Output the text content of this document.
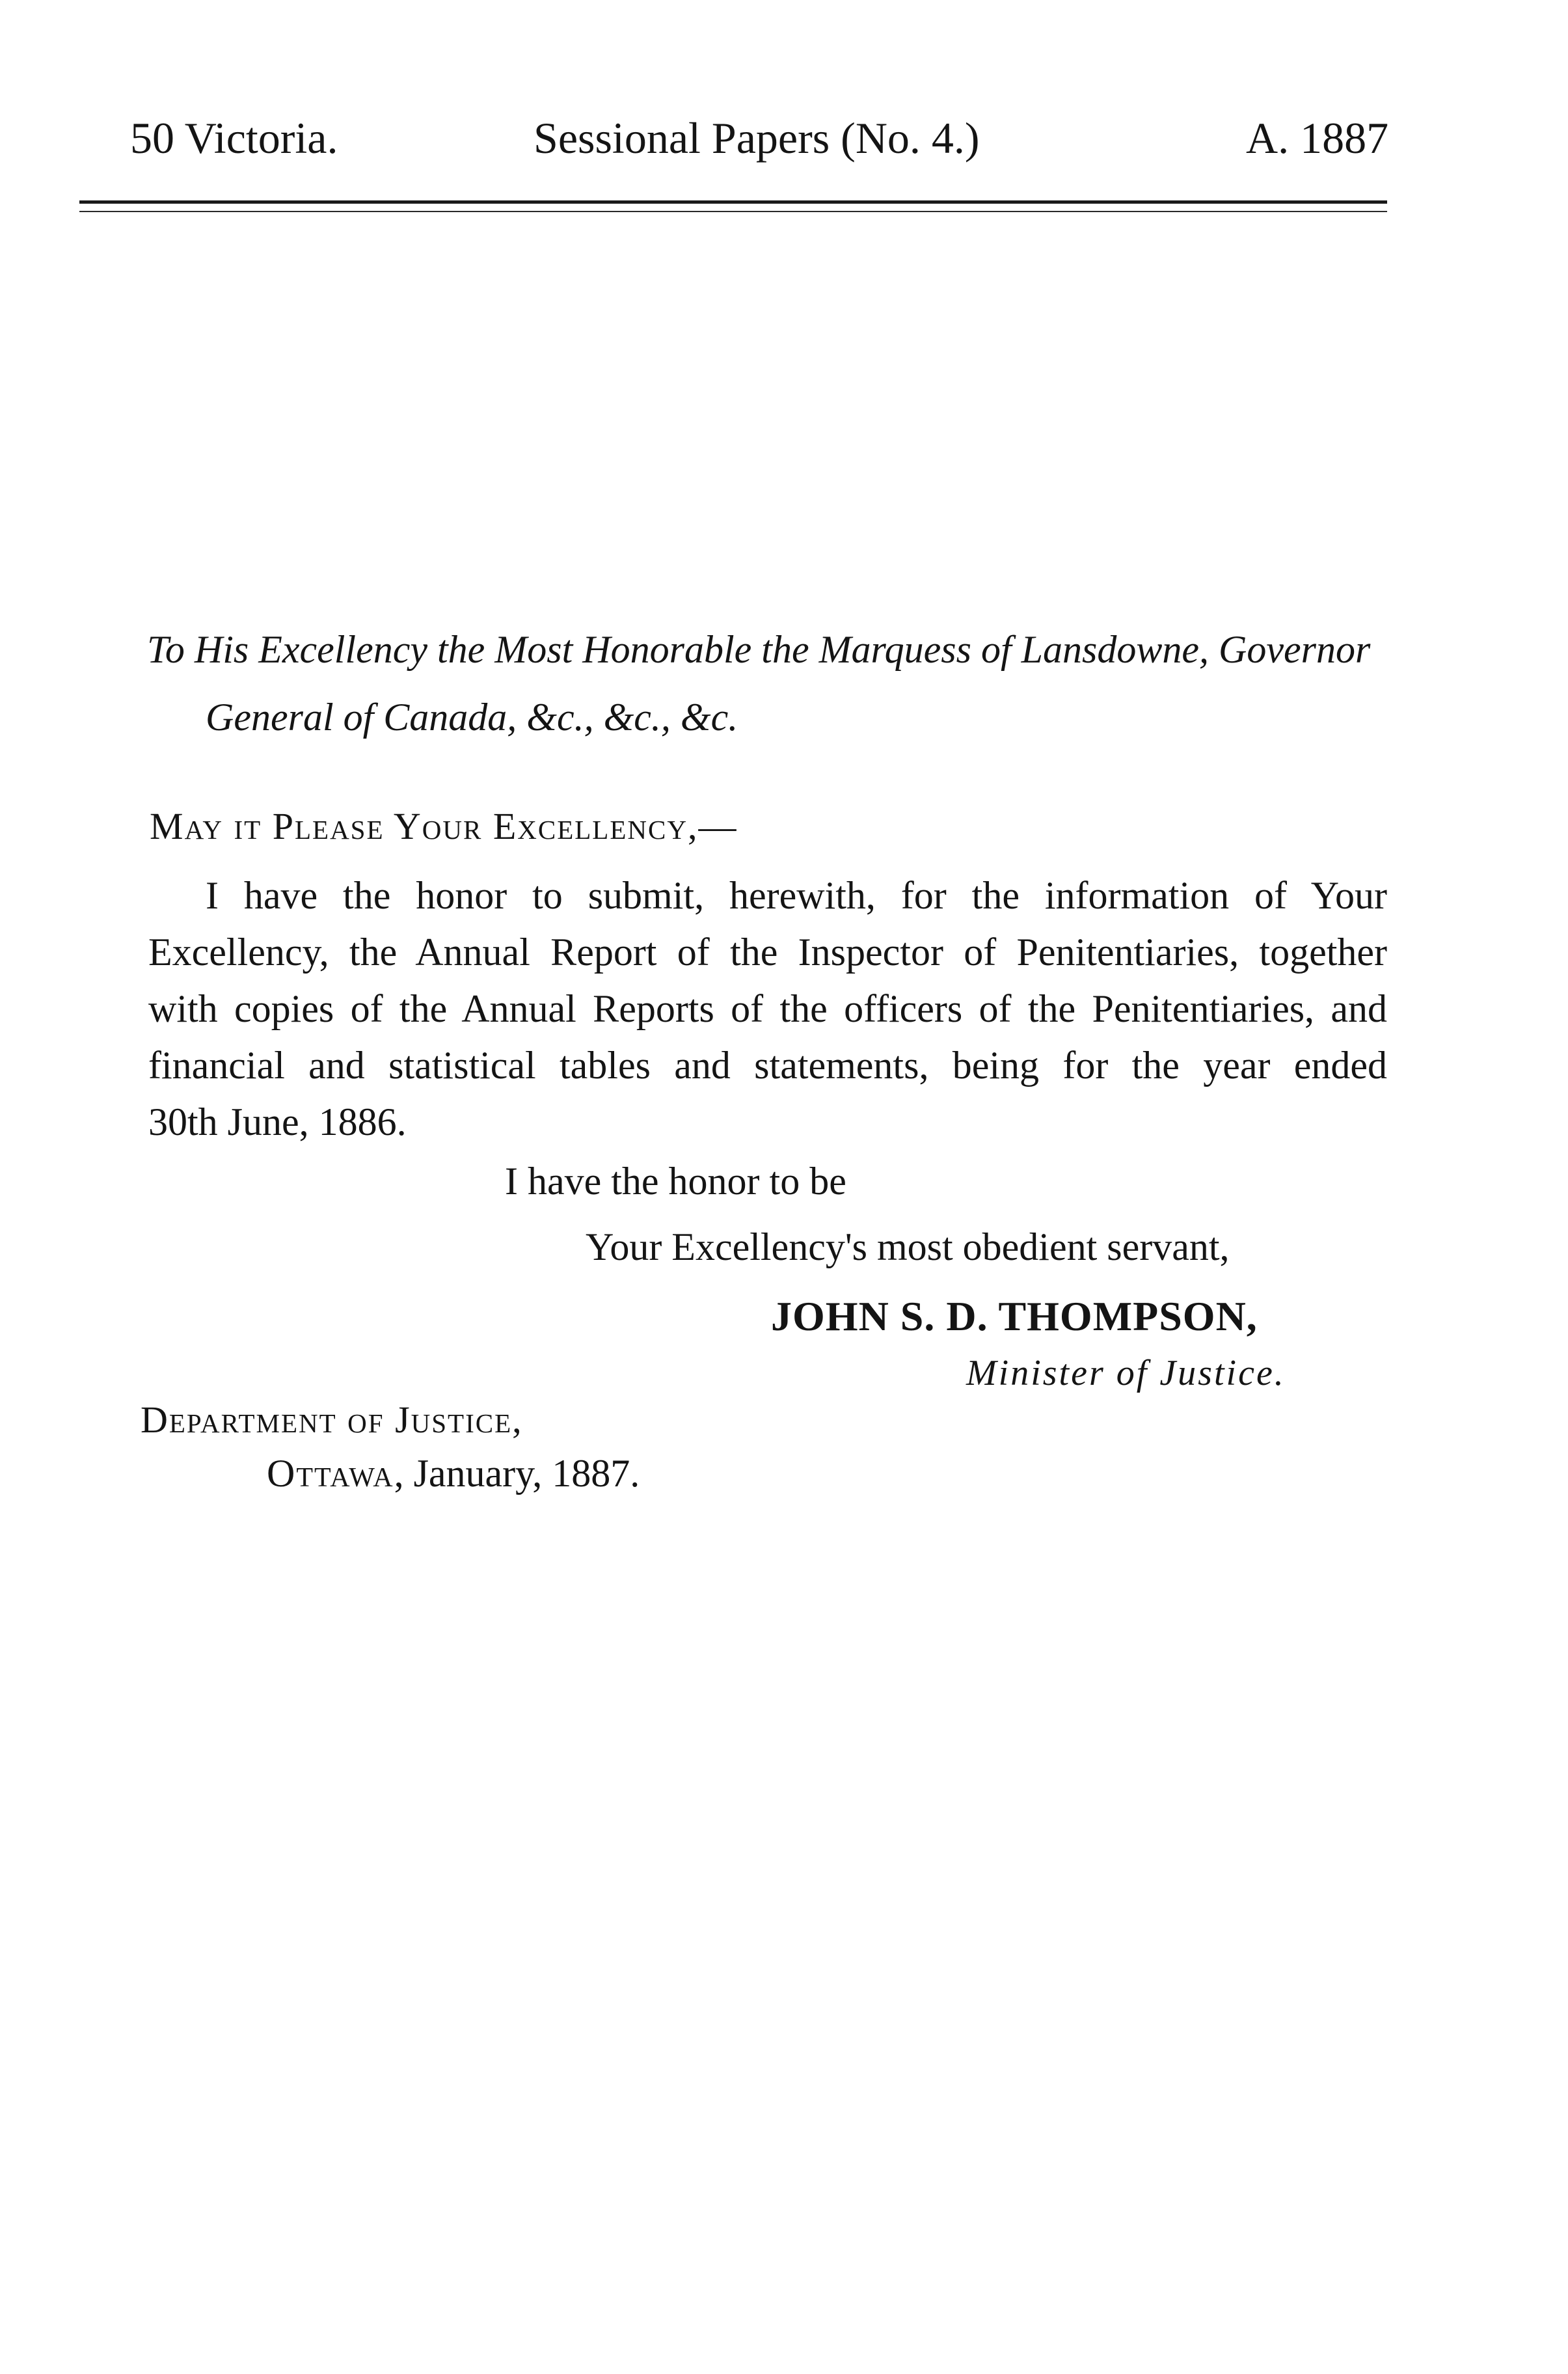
50 Victoria.	Sessional Papers (No. 4.)	A. 1887
To His Excellency the Most Honorable the Marquess of Lansdowne, Governor
General of Canada, &c., &c., &c.
May it Please Your Excellency,—
I have the honor to submit, herewith, for the information of Your
Excellency, the Annual Report of the Inspector of Penitentiaries, together
with copies of the Annual Reports of the officers of the Penitentiaries, and
financial and statistical tables and statements, being for the year ended
30th June, 1886.
I have the honor to be
Your Excellency's most obedient servant,
JOHN S. D. THOMPSON,
Minister of Justice.
Department of Justice,
Ottawa, January, 1887.
